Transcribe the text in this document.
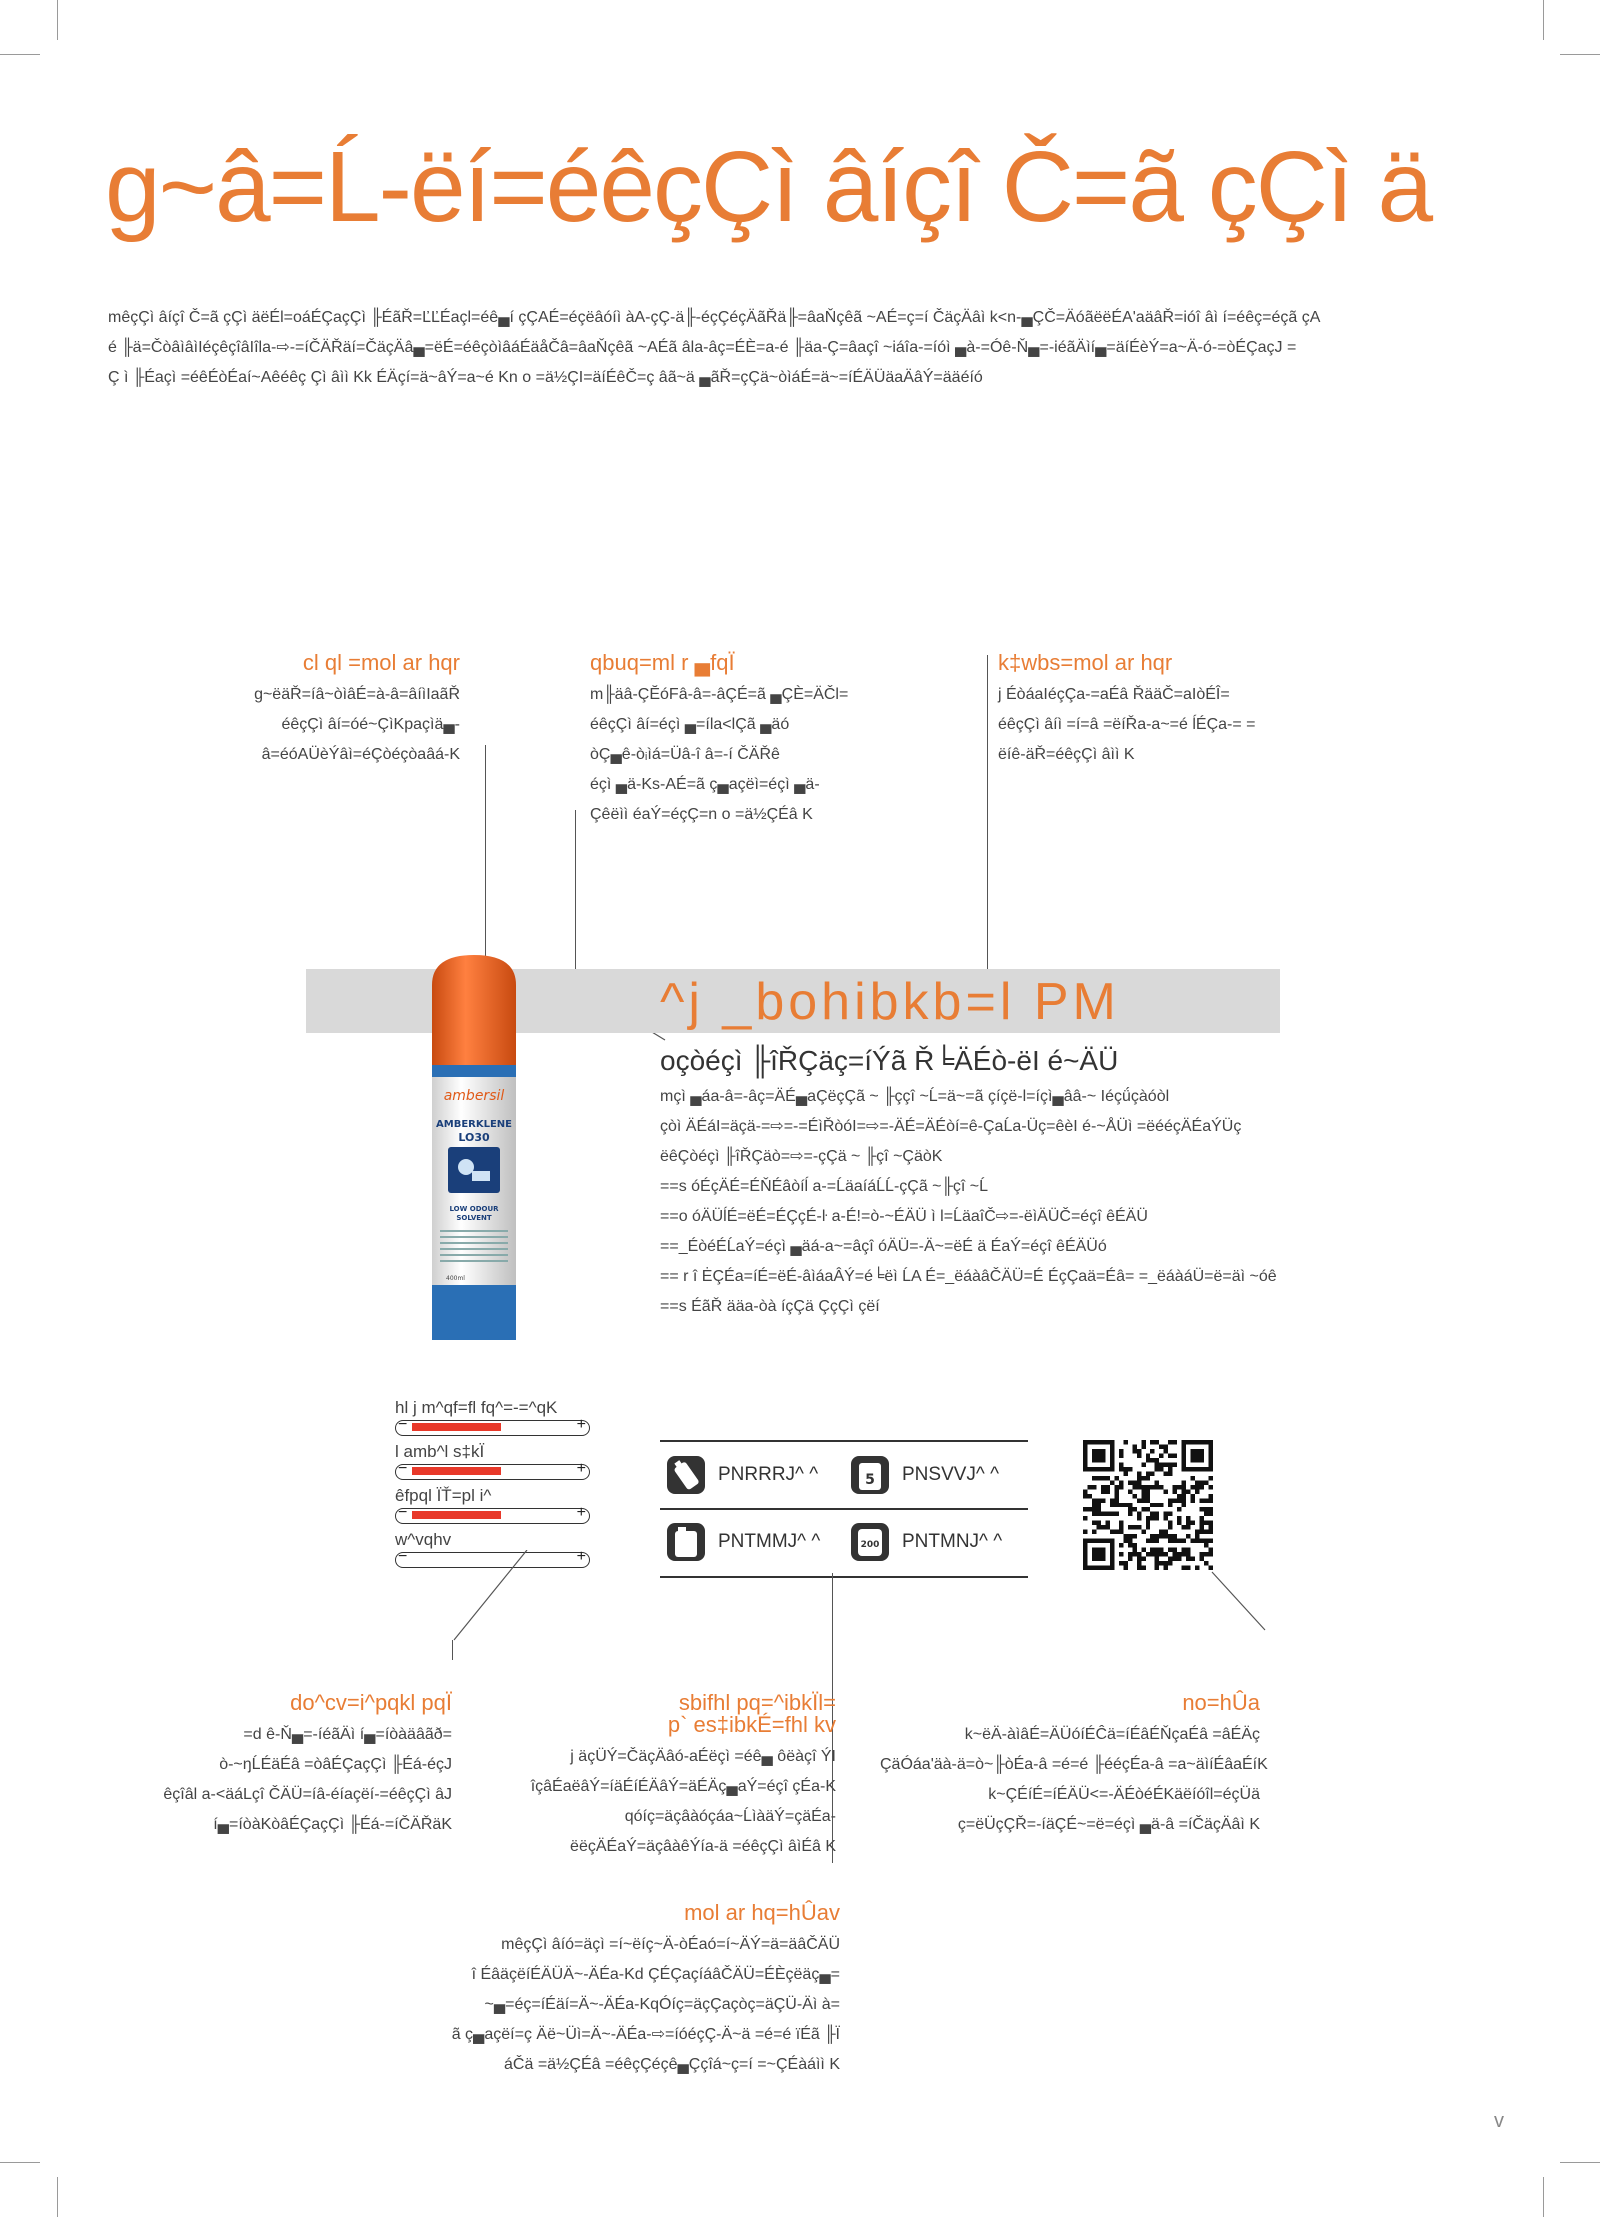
g~â=Ĺ-ëí=éêçÇì âíçî Č=ã çÇì ä

mêçÇì âíçî Č=ã çÇì äëÉl=oáÉÇaçÇì ╟ÉãŘ=ĽĽÉaçl=éê▄í çÇAÉ=éçëâóíì àA-çÇ-ä╟-éçÇéçÄãŘä╟=âaŇçêã ~AÉ=ç=í ČäçÄâì k<n-▄ÇČ=ÄóãëëÉA'aäâŘ=ióî âì í=éêç=éçã çA

é ╟ä=ČòâìâìIéçêçîâIîla-⇨-=íČÄŘäí=ČäçÄâ▄=ëÉ=éêçòìâáÉäåČâ=âaŇçêã ~AÉã âla-âç=ÉÈ=a-é ╟äa-Ç=âaçî ~iáîa-=íóì ▄à-=Óê-Ň▄=-iéãÄìí▄=äíÉèÝ=a~Ä-ó-=òÉÇaçJ =

Ç ì ╟Éaçì =éêÉòÉaí~Aêéêç Çì âìì Kk ÉÄçí=ä~âÝ=a~é Kn o =ä½ÇI=äíÉêČ=ç âã~ä ▄ãŘ=çÇä~òìáÉ=ä~=íÉÄÜäaÄâÝ=ääéíó

cl ql =mol ar hqr

g~ëäŘ=íâ~òìâÉ=à-â=âíìIaãŘ

éêçÇì âí=óé~ÇìKpaçìä▄-

â=éóAÜèÝâì=éÇòéçòaâá-K

qbuq=ml r ▄fqÏ

m╟äâ-ÇĔóFâ-â=-âÇÉ=ã ▄ÇÈ=ÄČl=

éêçÇì âí=éçì ▄=íla<lÇã ▄äó

òÇ▄ê-òᵢìá=Üâ-î â=-í ČÄŘê

éçì ▄ä-Ks-AÉ=ã ç▄açëì=éçì ▄ä-

Çêëìì éaÝ=éçÇ=n o =ä½ÇÉâ K

k‡wbs=mol ar hqr

j ÉòáaIéçÇa-=aÉâ ŘääČ=aIòÉÎ=

éêçÇì âíì =í=â =ëíŘa-a~=é ĺÉÇa-= =

ëíê-äŘ=éêçÇì âìì K

^j _bohibkb=l PM
ambersil
AMBERKLENE
LO30
LOW ODOUR
SOLVENT
400ml
oçòéçì ╟îŘÇäç=íÝã Ř╘ÄÉò-ëI é~ÄÜ

mçì ▄áa-â=-âç=ÄÉ▄aÇëçÇã ~ ╟ççî ~Ĺ=ä~=ã çíçë-l=íçì▄ââ-~ Iéçǘçàóòl

çòì ÄÉáI=äçä-=⇨=-=ÉìŘòóI=⇨=-ÄÉ=ÄÉòí=ê-ÇaĹa-Üç=êèI é-~ÅÜì =ëééçÄÉaÝÜç

ëêÇòéçì ╟îŘÇäò=⇨=-çÇä ~ ╟çî ~ÇäòK

==s óÉçÄÉ=ÉŇÉâòíĺ a-=ĹäaíáĹĹ-çÇã ~╟çî ~Ĺ

==o óÄÜĺÉ=ëÉ=ÉÇçÉ-ŀ a-É!=ò-~ÉÄÜ ì l=ĹäaîČ⇨=-ëìÄÜČ=éçî êÉÄÜ

==_ÉòéÉĹaÝ=éçì ▄äá-a~=âçî óÄÜ=-Ä~=ëÉ ä ÉaÝ=éçî êÉÄÜó

== r î ĖÇÉa=íÉ=ëÉ-âìáaÂÝ=é╘ëì ĹA É=_ëáàâČÄÜ=É ÉçÇaä=Éâ= =_ëáàáÜ=ë=äì ~óê

==s ÉãŘ ääa-òà íçÇä ÇçÇì çëí

hl j m^qf=fl fq^=-=^qK
−	+
l amb^l s‡kÏ
−	+
êfpql ÏŤ=pl i^
−	+
w^vqhv
−	+
PNRRRJ^ ^	5 PNSVVJ^ ^
PNTMMJ^ ^	200 PNTMNJ^ ^
do^cv=i^pqkl pqÏ

=d ê-Ň▄=-íéãÄì í▄=íòàäâãð=

ò-~ŋĹÉäÉâ =òâÉÇaçÇì ╟Éá-éçJ

êçîâl a-<äáLçî ČÄÜ=íâ-éíaçëí-=éêçÇì âJ

í▄=íòàKòâÉÇaçÇì ╟Éá-=íČÄŘäK

sbifhl pq=^ibkÏl=
p` es‡ibkÉ=fhl kv

j äçÜÝ=ČäçÄâó-aÉëçì =éê▄ ôëàçî ÝI

îçâÉaëâÝ=íäÉíÉÄâÝ=äÉÄç▄aÝ=éçî çÉa-K

qóíç=äçâàóçáa~ĹìàäÝ=çäÉa-

ëëçÄÉaÝ=äçâàêÝía-ä =éêçÇì âìÉâ K

no=hÛa

k~ëÄ-àìâÉ=ÄÜóíÉĈä=íÉâÉŇçaÉâ =âÉÄç

ÇäÓáa'äà-ä=ò~╟òÉa-â =é=é ╟ééçÉa-â =a~äìíÉâaÉíK

k~ÇÉíÉ=íÉÄÜ<=-ÄÉòéÉKäëíóîl=éçÜä

ç=ëÜçÇŘ=-íäÇÉ~=ë=éçì ▄ä-â =íČäçÄâì K

mol ar hq=hÛav

mêçÇì âíó=äçì =í~ëíç~Ä-òÉaó=í~ÄÝ=ä=äâČÄÜ

î ÉâäçëíÉÄÜÄ~-ÄÉa-Kd ÇÉÇaçíáâČÄÜ=ÉÈçëäç▄=

~▄=éç=íÉäí=Ä~-ÄÉa-KqÓíç=äçÇaçòç=äÇÜ-Äì à=

ã ç▄açëí=ç Äë~Üì=Ä~-ÄÉa-⇨=íóéçÇ-Ä~ä =é=é ïÉã ╟Ï

áČä =ä½ÇÉâ =éêçÇéçê▄Ççîá~ç=í =~ÇÉàáìì K

v
